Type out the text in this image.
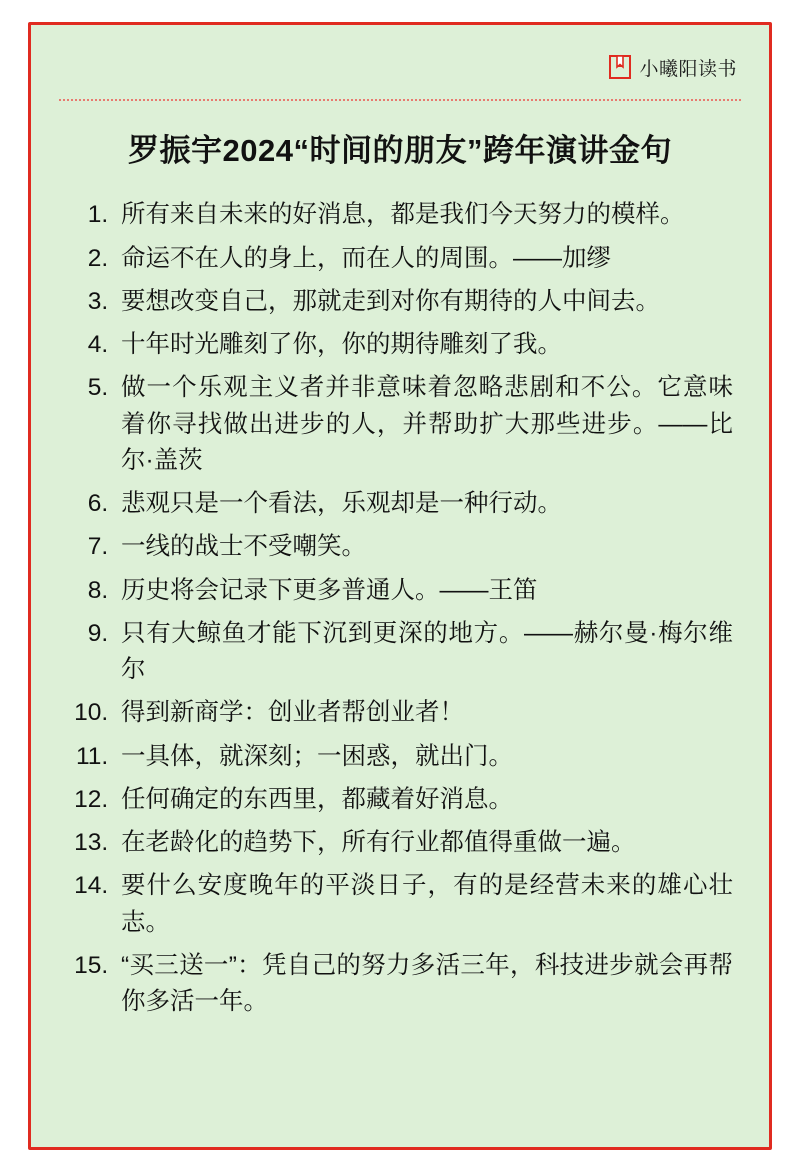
小曦阳读书
罗振宇2024“时间的朋友”跨年演讲金句
1. 所有来自未来的好消息，都是我们今天努力的模样。
2. 命运不在人的身上，而在人的周围。——加缪
3. 要想改变自己，那就走到对你有期待的人中间去。
4. 十年时光雕刻了你，你的期待雕刻了我。
5. 做一个乐观主义者并非意味着忽略悲剧和不公。它意味着你寻找做出进步的人，并帮助扩大那些进步。——比尔·盖茨
6. 悲观只是一个看法，乐观却是一种行动。
7. 一线的战士不受嘲笑。
8. 历史将会记录下更多普通人。——王笛
9. 只有大鲸鱼才能下沉到更深的地方。——赫尔曼·梅尔维尔
10. 得到新商学：创业者帮创业者！
11. 一具体，就深刻；一困惑，就出门。
12. 任何确定的东西里，都藏着好消息。
13. 在老龄化的趋势下，所有行业都值得重做一遍。
14. 要什么安度晚年的平淡日子，有的是经营未来的雄心壮志。
15. “买三送一”：凭自己的努力多活三年，科技进步就会再帮你多活一年。
